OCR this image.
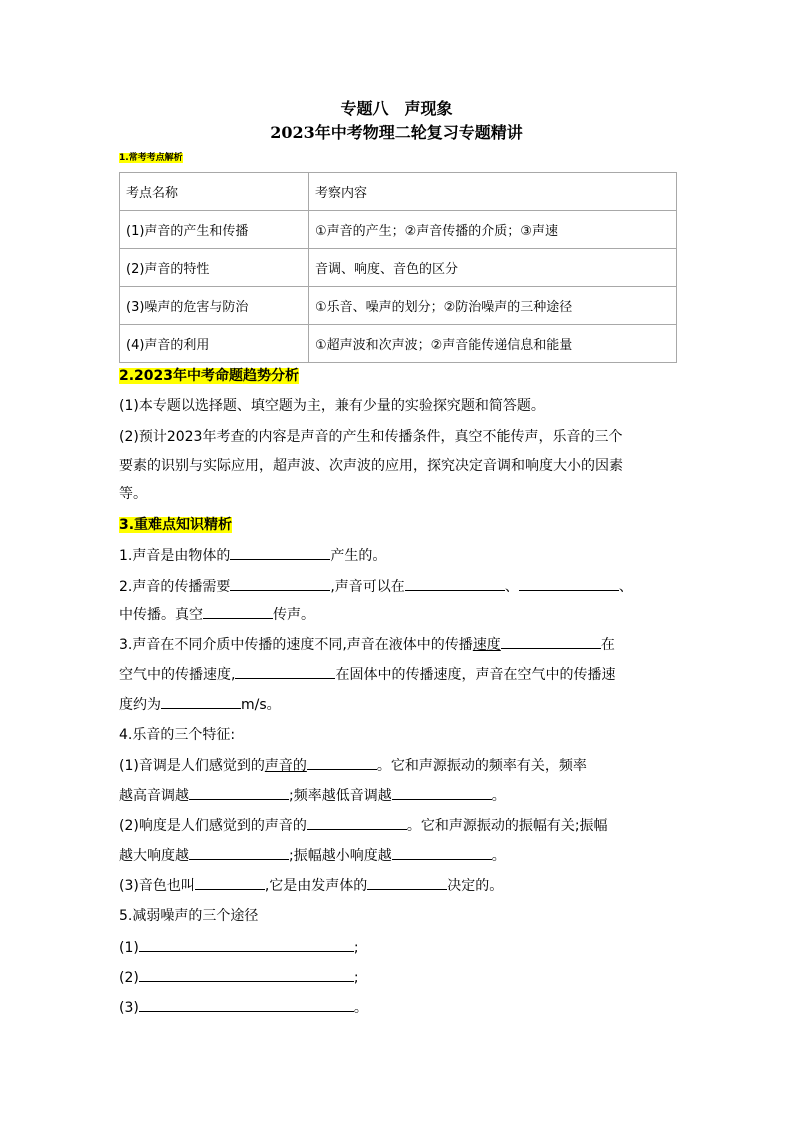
专题八　声现象
2023年中考物理二轮复习专题精讲
1.常考考点解析
考点名称	考察内容
(1)声音的产生和传播	①声音的产生；②声音传播的介质；③声速
(2)声音的特性	音调、响度、音色的区分
(3)噪声的危害与防治	①乐音、噪声的划分；②防治噪声的三种途径
(4)声音的利用	①超声波和次声波；②声音能传递信息和能量
2.2023年中考命题趋势分析
(1)本专题以选择题、填空题为主，兼有少量的实验探究题和简答题。
(2)预计2023年考查的内容是声音的产生和传播条件，真空不能传声，乐音的三个
要素的识别与实际应用，超声波、次声波的应用，探究决定音调和响度大小的因素
等。
3.重难点知识精析
1.声音是由物体的	产生的。
2.声音的传播需要	,声音可以在	、	、
中传播。真空	传声。
3.声音在不同介质中传播的速度不同,声音在液体中的传播速度	在
空气中的传播速度,	在固体中的传播速度，声音在空气中的传播速
度约为	m/s。
4.乐音的三个特征:
(1)音调是人们感觉到的声音的	。它和声源振动的频率有关，频率
越高音调越	;频率越低音调越	。
(2)响度是人们感觉到的声音的	。它和声源振动的振幅有关;振幅
越大响度越	;振幅越小响度越	。
(3)音色也叫	,它是由发声体的	决定的。
5.减弱噪声的三个途径
(1)	;
(2)	;
(3)	。
